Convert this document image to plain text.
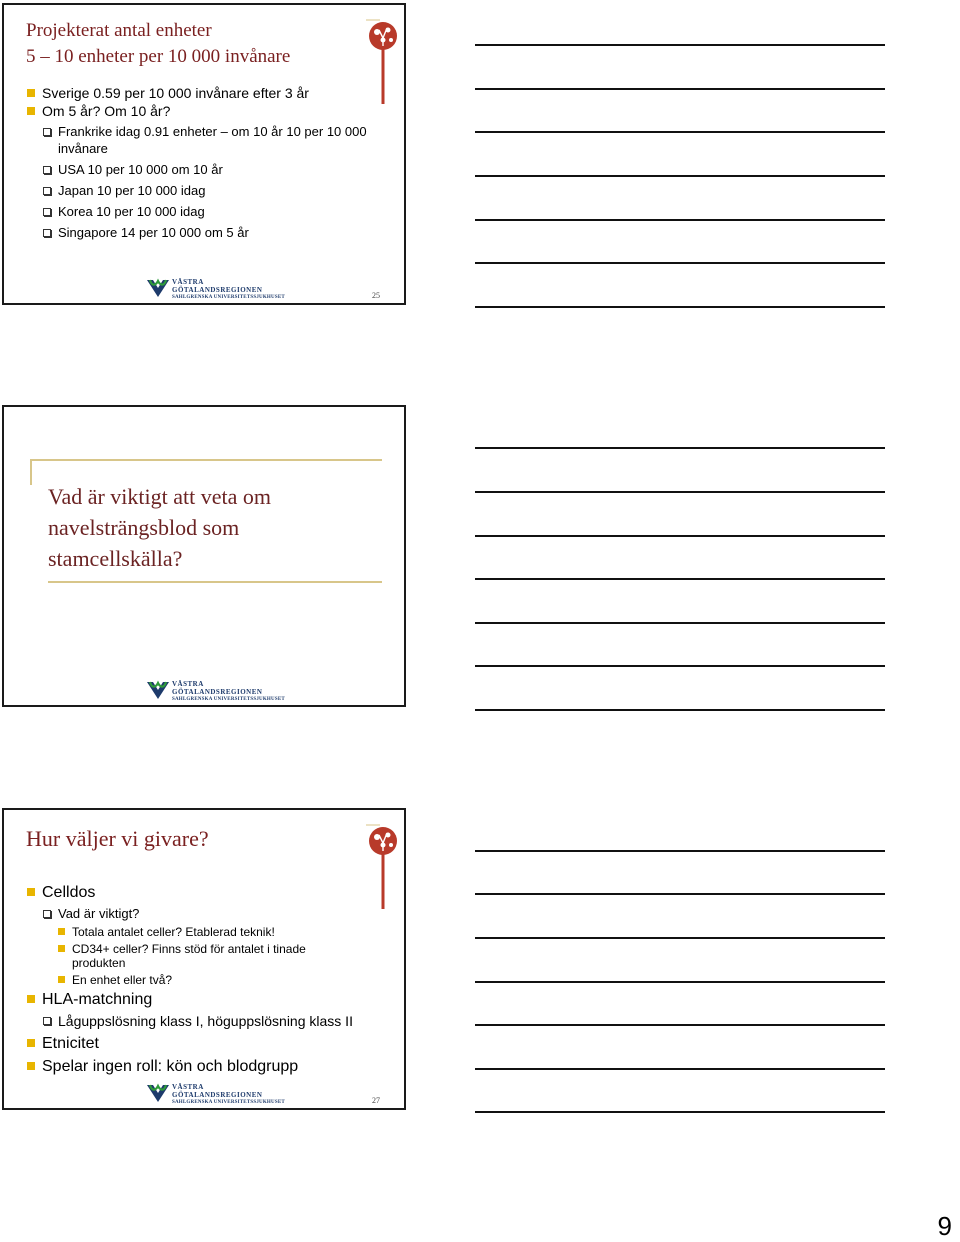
Projekterat antal enheter
5 – 10 enheter per 10 000 invånare
Sverige 0.59 per 10 000 invånare efter 3 år
Om 5 år? Om 10 år?
Frankrike idag 0.91 enheter – om 10 år 10 per 10 000 invånare
USA 10 per 10 000 om 10 år
Japan 10 per 10 000 idag
Korea 10 per 10 000 idag
Singapore 14 per 10 000 om 5 år
VÄSTRA
GÖTALANDSREGIONEN
SAHLGRENSKA UNIVERSITETSSJUKHUSET	25
Vad är viktigt att veta om
navelsträngsblod som
stamcellskälla?
VÄSTRA
GÖTALANDSREGIONEN
SAHLGRENSKA UNIVERSITETSSJUKHUSET
Hur väljer vi givare?
Celldos
Vad är viktigt?
Totala antalet celler? Etablerad teknik!
CD34+ celler? Finns stöd för antalet i tinade produkten
En enhet eller två?
HLA-matchning
Låguppslösning klass I, höguppslösning klass II
Etnicitet
Spelar ingen roll: kön och blodgrupp
VÄSTRA
GÖTALANDSREGIONEN
SAHLGRENSKA UNIVERSITETSSJUKHUSET	27
9
